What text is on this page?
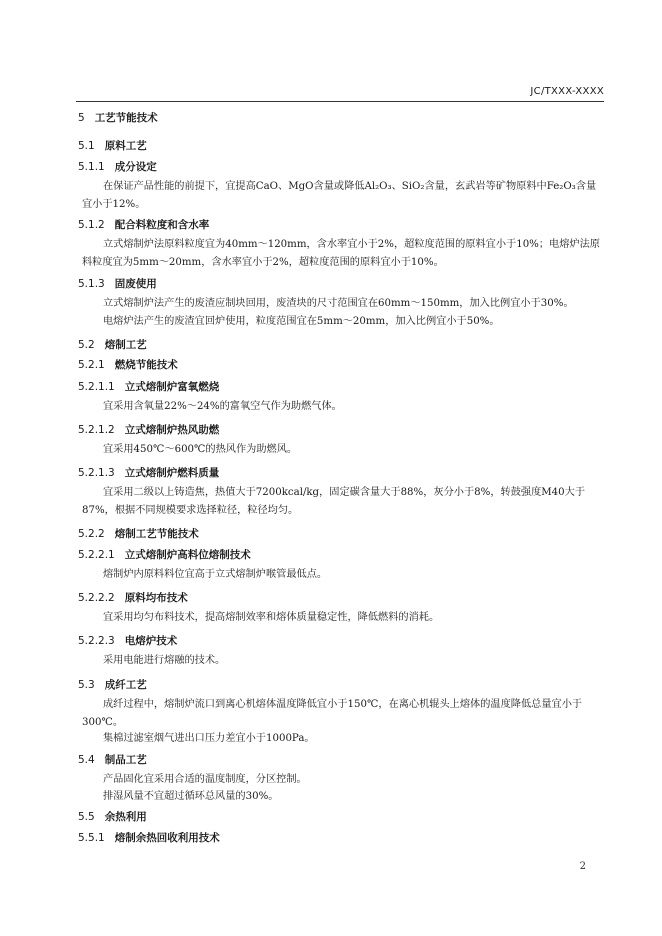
JC/TXXX-XXXX
5 工艺节能技术
5.1 原料工艺
5.1.1 成分设定
5.1.2 配合料粒度和含水率
5.1.3 固废使用
5.2 熔制工艺
5.2.1 燃烧节能技术
5.2.1.1 立式熔制炉富氧燃烧
5.2.1.2 立式熔制炉热风助燃
5.2.1.3 立式熔制炉燃料质量
5.2.2 熔制工艺节能技术
5.2.2.1 立式熔制炉高料位熔制技术
5.2.2.2 原料均布技术
5.2.2.3 电熔炉技术
5.3 成纤工艺
5.4 制品工艺
5.5 余热利用
5.5.1 熔制余热回收利用技术
在保证产品性能的前提下，宜提高CaO、MgO含量或降低Al₂O₃、SiO₂含量，玄武岩等矿物原料中Fe₂O₃含量宜小于12%。
立式熔制炉法原料粒度宜为40mm～120mm，含水率宜小于2%，超粒度范围的原料宜小于10%；电熔炉法原料粒度宜为5mm～20mm，含水率宜小于2%，超粒度范围的原料宜小于10%。
立式熔制炉法产生的废渣应制块回用，废渣块的尺寸范围宜在60mm～150mm，加入比例宜小于30%。
电熔炉法产生的废渣宜回炉使用，粒度范围宜在5mm～20mm，加入比例宜小于50%。
宜采用含氧量22%～24%的富氧空气作为助燃气体。
宜采用450℃～600℃的热风作为助燃风。
宜采用二级以上铸造焦，热值大于7200kcal/kg，固定碳含量大于88%，灰分小于8%，转鼓强度M40大于87%，根据不同规模要求选择粒径，粒径均匀。
熔制炉内原料料位宜高于立式熔制炉喉管最低点。
宜采用均匀布料技术，提高熔制效率和熔体质量稳定性，降低燃料的消耗。
采用电能进行熔融的技术。
成纤过程中，熔制炉流口到离心机熔体温度降低宜小于150℃，在离心机辊头上熔体的温度降低总量宜小于300℃。
集棉过滤室烟气进出口压力差宜小于1000Pa。
产品固化宜采用合适的温度制度，分区控制。
排湿风量不宜超过循环总风量的30%。
2
